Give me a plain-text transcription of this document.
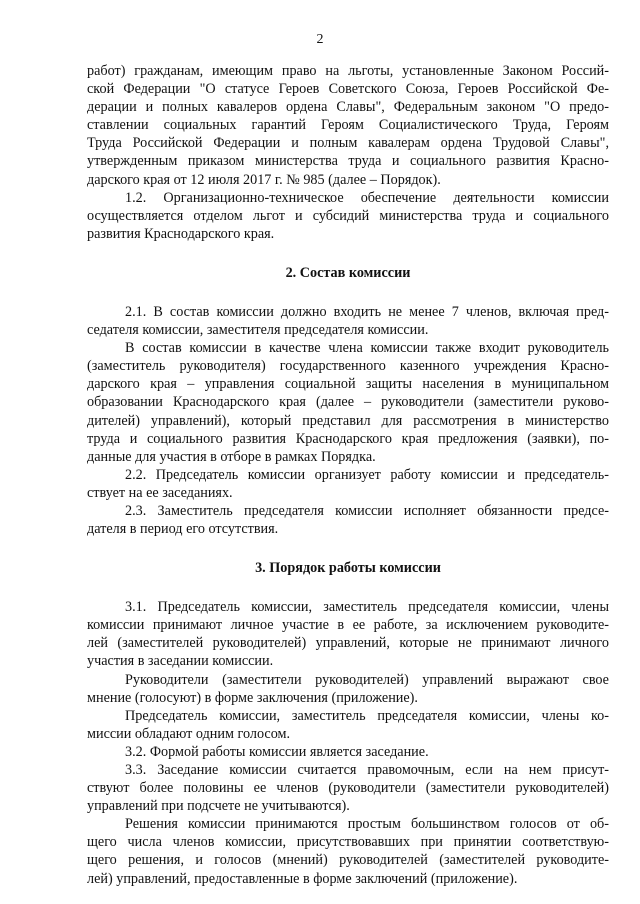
2
работ) гражданам, имеющим право на льготы, установленные Законом Россий-
ской Федерации "О статусе Героев Советского Союза, Героев Российской Фе-
дерации и полных кавалеров ордена Славы", Федеральным законом "О предо-
ставлении социальных гарантий Героям Социалистического Труда, Героям
Труда Российской Федерации и полным кавалерам ордена Трудовой Славы",
утвержденным приказом министерства труда и социального развития Красно-
дарского края от 12 июля 2017 г. № 985 (далее – Порядок).
1.2. Организационно-техническое обеспечение деятельности комиссии
осуществляется отделом льгот и субсидий министерства труда и социального
развития Краснодарского края.
2. Состав комиссии
2.1. В состав комиссии должно входить не менее 7 членов, включая пред-
седателя комиссии, заместителя председателя комиссии.
В состав комиссии в качестве члена комиссии также входит руководитель
(заместитель руководителя) государственного казенного учреждения Красно-
дарского края – управления социальной защиты населения в муниципальном
образовании Краснодарского края (далее – руководители (заместители руково-
дителей) управлений), который представил для рассмотрения в министерство
труда и социального развития Краснодарского края предложения (заявки), по-
данные для участия в отборе в рамках Порядка.
2.2. Председатель комиссии организует работу комиссии и председатель-
ствует на ее заседаниях.
2.3. Заместитель председателя комиссии исполняет обязанности предсе-
дателя в период его отсутствия.
3. Порядок работы комиссии
3.1. Председатель комиссии, заместитель председателя комиссии, члены
комиссии принимают личное участие в ее работе, за исключением руководите-
лей (заместителей руководителей) управлений, которые не принимают личного
участия в заседании комиссии.
Руководители (заместители руководителей) управлений выражают свое
мнение (голосуют) в форме заключения (приложение).
Председатель комиссии, заместитель председателя комиссии, члены ко-
миссии обладают одним голосом.
3.2. Формой работы комиссии является заседание.
3.3. Заседание комиссии считается правомочным, если на нем присут-
ствуют более половины ее членов (руководители (заместители руководителей)
управлений при подсчете не учитываются).
Решения комиссии принимаются простым большинством голосов от об-
щего числа членов комиссии, присутствовавших при принятии соответствую-
щего решения, и голосов (мнений) руководителей (заместителей руководите-
лей) управлений, предоставленные в форме заключений (приложение).
